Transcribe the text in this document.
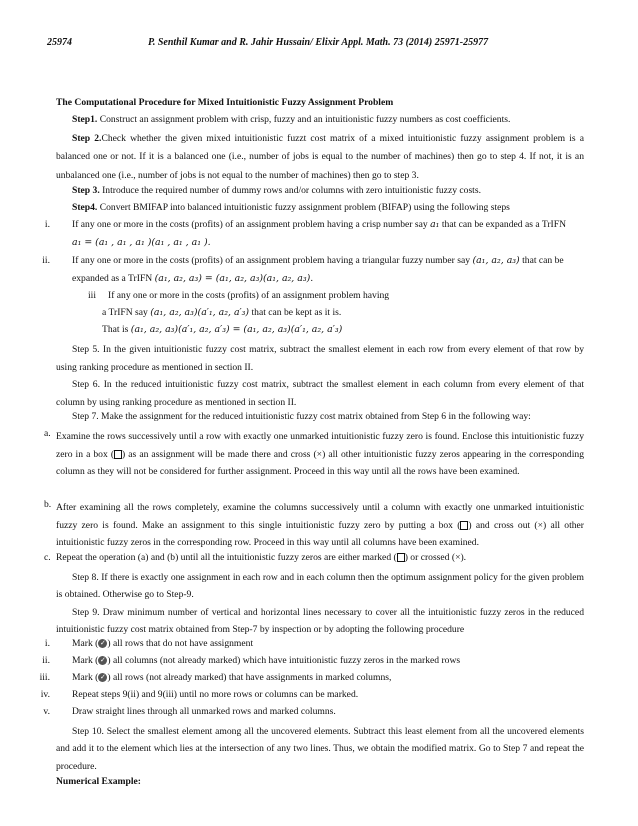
25974	P. Senthil Kumar and R. Jahir Hussain/ Elixir Appl. Math. 73 (2014) 25971-25977
The Computational Procedure for Mixed Intuitionistic Fuzzy Assignment Problem
Step1. Construct an assignment problem with crisp, fuzzy and an intuitionistic fuzzy numbers as cost coefficients.
Step 2.Check whether the given mixed intuitionistic fuzzt cost matrix of a mixed intuitionistic fuzzy assignment problem is a balanced one or not. If it is a balanced one (i.e., number of jobs is equal to the number of machines) then go to step 4. If not, it is an unbalanced one (i.e., number of jobs is not equal to the number of machines) then go to step 3.
Step 3. Introduce the required number of dummy rows and/or columns with zero intuitionistic fuzzy costs.
Step4. Convert BMIFAP into balanced intuitionistic fuzzy assignment problem (BIFAP) using the following steps
i. If any one or more in the costs (profits) of an assignment problem having a crisp number say a₁ that can be expanded as a TrIFN
a₁ = (a₁ , a₁ , a₁ )(a₁ , a₁ , a₁ ).
ii. If any one or more in the costs (profits) of an assignment problem having a triangular fuzzy number say (a₁, a₂, a₃) that can be
expanded as a TrIFN (a₁, a₂, a₃) = (a₁, a₂, a₃)(a₁, a₂, a₃).
iii If any one or more in the costs (profits) of an assignment problem having
a TrIFN say (a₁, a₂, a₃)(a′₁, a₂, a′₃) that can be kept as it is.
That is (a₁, a₂, a₃)(a′₁, a₂, a′₃) = (a₁, a₂, a₃)(a′₁, a₂, a′₃)
Step 5. In the given intuitionistic fuzzy cost matrix, subtract the smallest element in each row from every element of that row by using ranking procedure as mentioned in section II.
Step 6. In the reduced intuitionistic fuzzy cost matrix, subtract the smallest element in each column from every element of that column by using ranking procedure as mentioned in section II.
Step 7. Make the assignment for the reduced intuitionistic fuzzy cost matrix obtained from Step 6 in the following way:
a. Examine the rows successively until a row with exactly one unmarked intuitionistic fuzzy zero is found. Enclose this intuitionistic fuzzy zero in a box ( ) as an assignment will be made there and cross (×) all other intuitionistic fuzzy zeros appearing in the corresponding column as they will not be considered for further assignment. Proceed in this way until all the rows have been examined.
b. After examining all the rows completely, examine the columns successively until a column with exactly one unmarked intuitionistic fuzzy zero is found. Make an assignment to this single intuitionistic fuzzy zero by putting a box ( ) and cross out (×) all other intuitionistic fuzzy zeros in the corresponding row. Proceed in this way until all columns have been examined.
c. Repeat the operation (a) and (b) until all the intuitionistic fuzzy zeros are either marked ( ) or crossed (×).
Step 8. If there is exactly one assignment in each row and in each column then the optimum assignment policy for the given problem is obtained. Otherwise go to Step-9.
Step 9. Draw minimum number of vertical and horizontal lines necessary to cover all the intuitionistic fuzzy zeros in the reduced intuitionistic fuzzy cost matrix obtained from Step-7 by inspection or by adopting the following procedure
i. Mark ( ✓ ) all rows that do not have assignment
ii. Mark ( ✓ ) all columns (not already marked) which have intuitionistic fuzzy zeros in the marked rows
iii. Mark ( ✓ ) all rows (not already marked) that have assignments in marked columns,
iv. Repeat steps 9(ii) and 9(iii) until no more rows or columns can be marked.
v. Draw straight lines through all unmarked rows and marked columns.
Step 10. Select the smallest element among all the uncovered elements. Subtract this least element from all the uncovered elements and add it to the element which lies at the intersection of any two lines. Thus, we obtain the modified matrix. Go to Step 7 and repeat the procedure.
Numerical Example:
